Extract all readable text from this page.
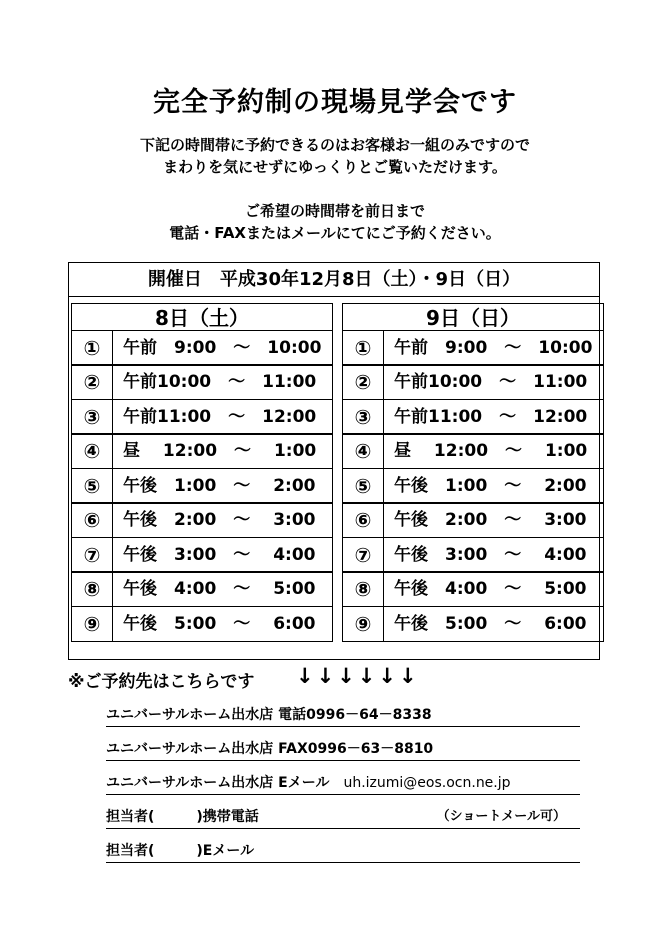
完全予約制の現場見学会です
下記の時間帯に予約できるのはお客様お一組のみですので
まわりを気にせずにゆっくりとご覧いただけます。
ご希望の時間帯を前日まで
電話・FAXまたはメールにてにご予約ください。
開催日　平成30年12月8日（土）・9日（日）
8日（土）
①	午前　9:00　～　10:00
②	午前10:00　～　11:00
③	午前11:00　～　12:00
④	昼　 12:00　～　 1:00
⑤	午後　1:00　～　 2:00
⑥	午後　2:00　～　 3:00
⑦	午後　3:00　～　 4:00
⑧	午後　4:00　～　 5:00
⑨	午後　5:00　～　 6:00
9日（日）
①	午前　9:00　～　10:00
②	午前10:00　～　11:00
③	午前11:00　～　12:00
④	昼　 12:00　～　 1:00
⑤	午後　1:00　～　 2:00
⑥	午後　2:00　～　 3:00
⑦	午後　3:00　～　 4:00
⑧	午後　4:00　～　 5:00
⑨	午後　5:00　～　 6:00
※ご予約先はこちらです ↓↓↓↓↓↓
ユニバーサルホーム出水店 電話0996－64－8338
ユニバーサルホーム出水店 FAX0996－63－8810
ユニバーサルホーム出水店 Eメール　uh.izumi@eos.ocn.ne.jp
担当者(　　　)携帯電話	（ショートメール可）
担当者(　　　)Eメール
